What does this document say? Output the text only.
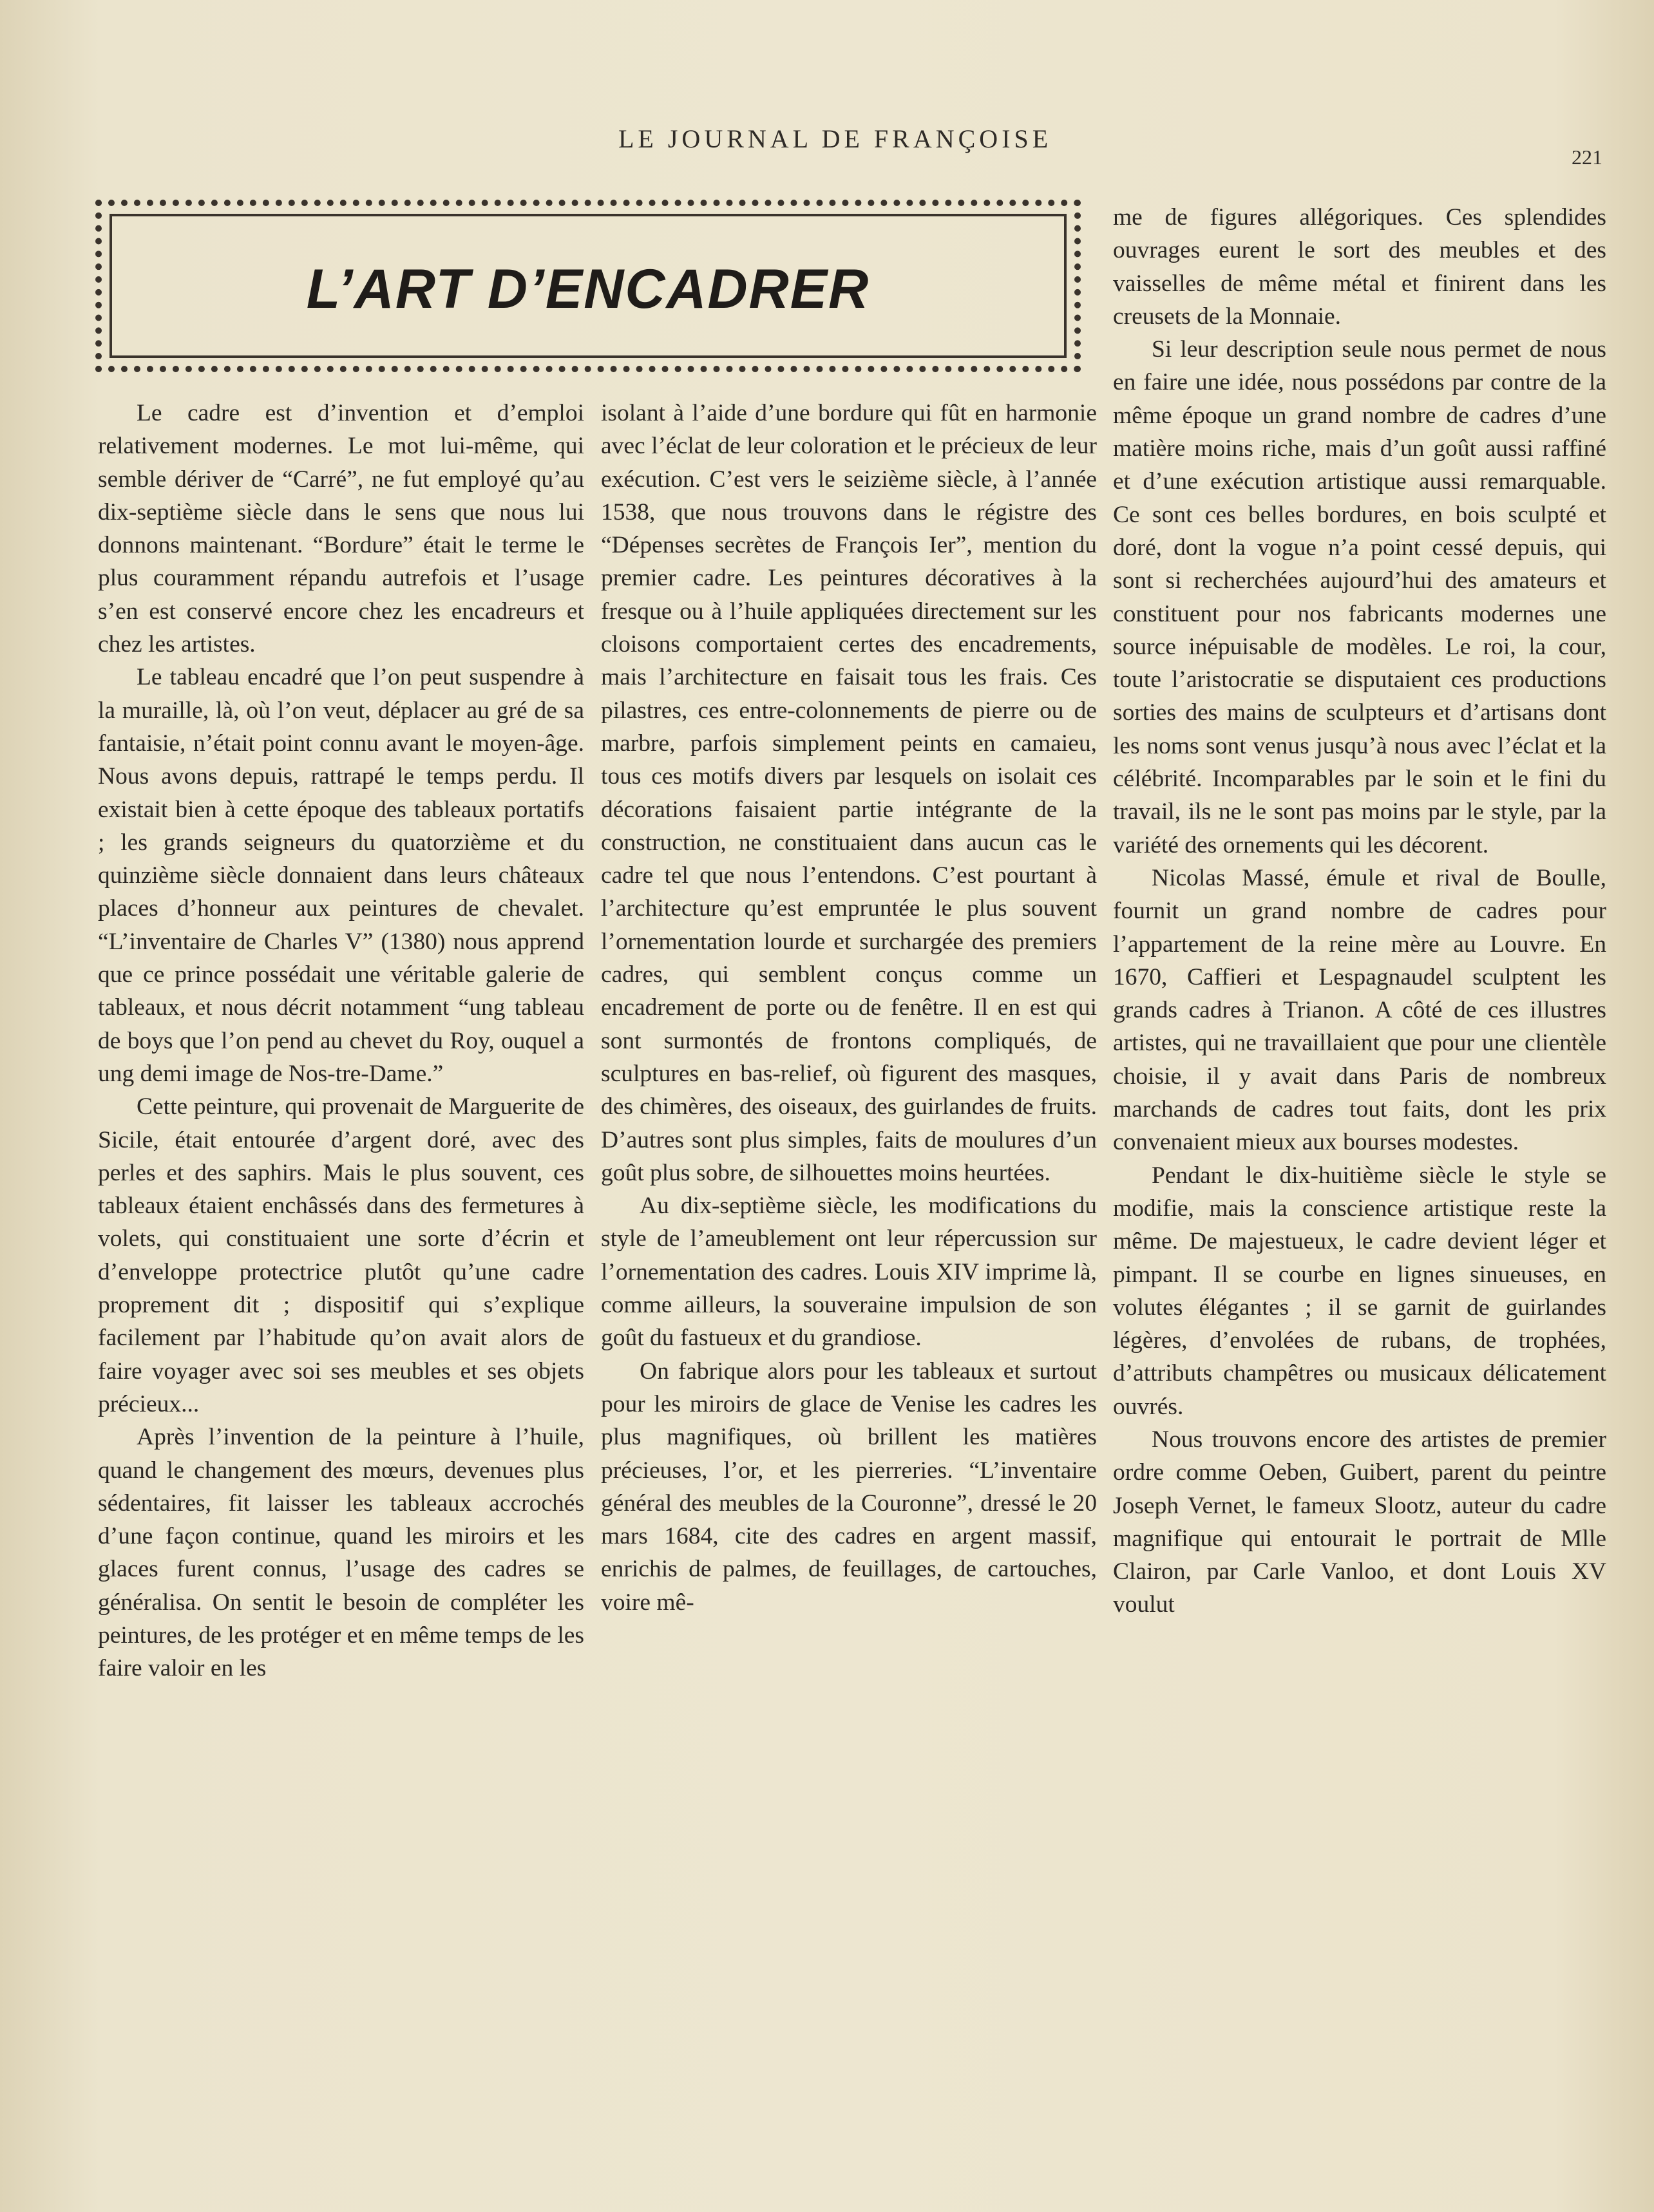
LE JOURNAL DE FRANÇOISE
221
L’ART D’ENCADRER

Le cadre est d’invention et d’emploi relativement modernes. Le mot lui-même, qui semble dériver de “Carré”, ne fut employé qu’au dix-septième siècle dans le sens que nous lui donnons maintenant. “Bordure” était le terme le plus couramment répandu autrefois et l’usage s’en est conservé encore chez les encadreurs et chez les artistes.

Le tableau encadré que l’on peut suspendre à la muraille, là, où l’on veut, déplacer au gré de sa fantaisie, n’était point connu avant le moyen-âge. Nous avons depuis, rattrapé le temps perdu. Il existait bien à cette époque des tableaux portatifs ; les grands seigneurs du quatorzième et du quinzième siècle donnaient dans leurs châteaux places d’honneur aux peintures de chevalet. “L’inventaire de Charles V” (1380) nous apprend que ce prince possédait une véritable galerie de tableaux, et nous décrit notamment “ung tableau de boys que l’on pend au chevet du Roy, ouquel a ung demi image de Nos-tre-Dame.”

Cette peinture, qui provenait de Marguerite de Sicile, était entourée d’argent doré, avec des perles et des saphirs. Mais le plus souvent, ces tableaux étaient enchâssés dans des fermetures à volets, qui constituaient une sorte d’écrin et d’enveloppe protectrice plutôt qu’une cadre proprement dit ; dispositif qui s’explique facilement par l’habitude qu’on avait alors de faire voyager avec soi ses meubles et ses objets précieux...

Après l’invention de la peinture à l’huile, quand le changement des mœurs, devenues plus sédentaires, fit laisser les tableaux accrochés d’une façon continue, quand les miroirs et les glaces furent connus, l’usage des cadres se généralisa. On sentit le besoin de compléter les peintures, de les protéger et en même temps de les faire valoir en les

isolant à l’aide d’une bordure qui fût en harmonie avec l’éclat de leur coloration et le précieux de leur exécution. C’est vers le seizième siècle, à l’année 1538, que nous trouvons dans le régistre des “Dépenses secrètes de François Ier”, mention du premier cadre. Les peintures décoratives à la fresque ou à l’huile appliquées directement sur les cloisons comportaient certes des encadrements, mais l’architecture en faisait tous les frais. Ces pilastres, ces entre-colonnements de pierre ou de marbre, parfois simplement peints en camaieu, tous ces motifs divers par lesquels on isolait ces décorations faisaient partie intégrante de la construction, ne constituaient dans aucun cas le cadre tel que nous l’entendons. C’est pourtant à l’architecture qu’est empruntée le plus souvent l’ornementation lourde et surchargée des premiers cadres, qui semblent conçus comme un encadrement de porte ou de fenêtre. Il en est qui sont surmontés de frontons compliqués, de sculptures en bas-relief, où figurent des masques, des chimères, des oiseaux, des guirlandes de fruits. D’autres sont plus simples, faits de moulures d’un goût plus sobre, de silhouettes moins heurtées.

Au dix-septième siècle, les modifications du style de l’ameublement ont leur répercussion sur l’ornementation des cadres. Louis XIV imprime là, comme ailleurs, la souveraine impulsion de son goût du fastueux et du grandiose.

On fabrique alors pour les tableaux et surtout pour les miroirs de glace de Venise les cadres les plus magnifiques, où brillent les matières précieuses, l’or, et les pierreries. “L’inventaire général des meubles de la Couronne”, dressé le 20 mars 1684, cite des cadres en argent massif, enrichis de palmes, de feuillages, de cartouches, voire mê-

me de figures allégoriques. Ces splendides ouvrages eurent le sort des meubles et des vaisselles de même métal et finirent dans les creusets de la Monnaie.

Si leur description seule nous permet de nous en faire une idée, nous possédons par contre de la même époque un grand nombre de cadres d’une matière moins riche, mais d’un goût aussi raffiné et d’une exécution artistique aussi remarquable. Ce sont ces belles bordures, en bois sculpté et doré, dont la vogue n’a point cessé depuis, qui sont si recherchées aujourd’hui des amateurs et constituent pour nos fabricants modernes une source inépuisable de modèles. Le roi, la cour, toute l’aristocratie se disputaient ces productions sorties des mains de sculpteurs et d’artisans dont les noms sont venus jusqu’à nous avec l’éclat et la célébrité. Incomparables par le soin et le fini du travail, ils ne le sont pas moins par le style, par la variété des ornements qui les décorent.

Nicolas Massé, émule et rival de Boulle, fournit un grand nombre de cadres pour l’appartement de la reine mère au Louvre. En 1670, Caffieri et Lespagnaudel sculptent les grands cadres à Trianon. A côté de ces illustres artistes, qui ne travaillaient que pour une clientèle choisie, il y avait dans Paris de nombreux marchands de cadres tout faits, dont les prix convenaient mieux aux bourses modestes.

Pendant le dix-huitième siècle le style se modifie, mais la conscience artistique reste la même. De majestueux, le cadre devient léger et pimpant. Il se courbe en lignes sinueuses, en volutes élégantes ; il se garnit de guirlandes légères, d’envolées de rubans, de trophées, d’attributs champêtres ou musicaux délicatement ouvrés.

Nous trouvons encore des artistes de premier ordre comme Oeben, Guibert, parent du peintre Joseph Vernet, le fameux Slootz, auteur du cadre magnifique qui entourait le portrait de Mlle Clairon, par Carle Vanloo, et dont Louis XV voulut
